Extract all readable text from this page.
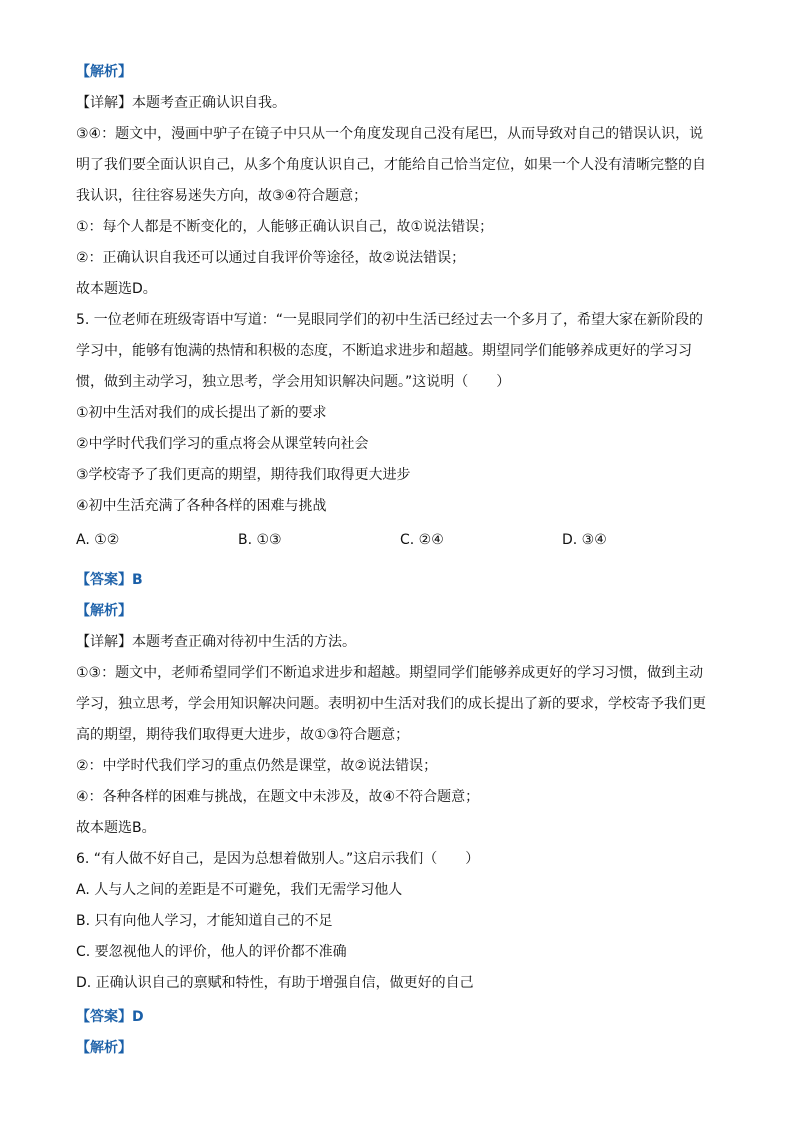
【解析】
【详解】本题考查正确认识自我。
③④：题文中，漫画中驴子在镜子中只从一个角度发现自己没有尾巴，从而导致对自己的错误认识，说
明了我们要全面认识自己，从多个角度认识自己，才能给自己恰当定位，如果一个人没有清晰完整的自
我认识，往往容易迷失方向，故③④符合题意；
①：每个人都是不断变化的，人能够正确认识自己，故①说法错误；
②：正确认识自我还可以通过自我评价等途径，故②说法错误；
故本题选D。
5. 一位老师在班级寄语中写道：“一晃眼同学们的初中生活已经过去一个多月了，希望大家在新阶段的
学习中，能够有饱满的热情和积极的态度，不断追求进步和超越。期望同学们能够养成更好的学习习
惯，做到主动学习，独立思考，学会用知识解决问题。”这说明（　　）
①初中生活对我们的成长提出了新的要求
②中学时代我们学习的重点将会从课堂转向社会
③学校寄予了我们更高的期望，期待我们取得更大进步
④初中生活充满了各种各样的困难与挑战
A. ①②	B. ①③	C. ②④	D. ③④
【答案】B
【解析】
【详解】本题考查正确对待初中生活的方法。
①③：题文中，老师希望同学们不断追求进步和超越。期望同学们能够养成更好的学习习惯，做到主动
学习，独立思考，学会用知识解决问题。表明初中生活对我们的成长提出了新的要求，学校寄予我们更
高的期望，期待我们取得更大进步，故①③符合题意；
②：中学时代我们学习的重点仍然是课堂，故②说法错误；
④：各种各样的困难与挑战，在题文中未涉及，故④不符合题意；
故本题选B。
6. “有人做不好自己，是因为总想着做别人。”这启示我们（　　）
A. 人与人之间的差距是不可避免，我们无需学习他人
B. 只有向他人学习，才能知道自己的不足
C. 要忽视他人的评价，他人的评价都不准确
D. 正确认识自己的禀赋和特性，有助于增强自信，做更好的自己
【答案】D
【解析】
